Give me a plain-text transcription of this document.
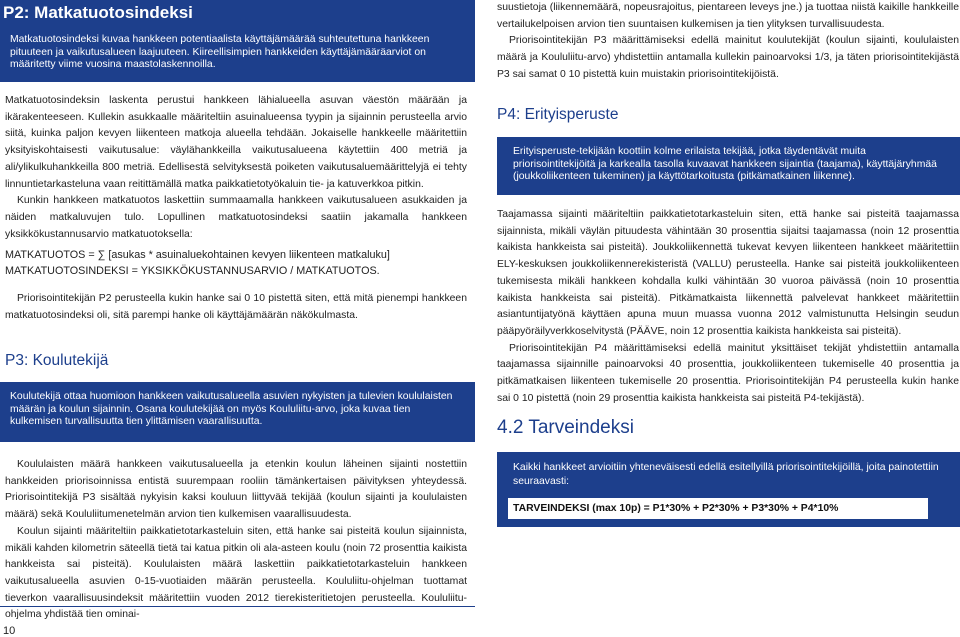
P2: Matkatuotosindeksi

Matkatuotosindeksi kuvaa hankkeen potentiaalista käyttäjämäärää suhteutettuna hankkeen pituuteen ja vaikutusalueen laajuuteen. Kiireellisimpien hankkeiden käyttäjämääräarviot on määritetty viime vuosina maastolaskennoilla.

Matkatuotosindeksin laskenta perustui hankkeen lähialueella asuvan väestön määrään ja ikärakenteeseen. Kullekin asukkaalle määriteltiin asuinalueensa tyypin ja sijainnin perusteella arvio siitä, kuinka paljon kevyen liikenteen matkoja alueella tehdään. Jokaiselle hankkeelle määritettiin yksityiskohtaisesti vaikutusalue: väylähankkeilla vaikutusalueena käytettiin 400 metriä ja ali/ylikulkuhankkeilla 800 metriä. Edellisestä selvityksestä poiketen vaikutusaluemäärittelyjä ei tehty linnuntietarkasteluna vaan reitittämällä matka paikkatietotyökaluin tie- ja katuverkkoa pitkin.

Kunkin hankkeen matkatuotos laskettiin summaamalla hankkeen vaikutusalueen asukkaiden ja näiden matkaluvujen tulo. Lopullinen matkatuotosindeksi saatiin jakamalla hankkeen yksikkökustannusarvio matkatuotoksella:

MATKATUOTOS = ∑ [asukas * asuinaluekohtainen kevyen liikenteen matkaluku]
MATKATUOTOSINDEKSI = YKSIKKÖKUSTANNUSARVIO / MATKATUOTOS.

Priorisointitekijän P2 perusteella kukin hanke sai 0 10 pistettä siten, että mitä pienempi hankkeen matkatuotosindeksi oli, sitä parempi hanke oli käyttäjämäärän näkökulmasta.

P3: Koulutekijä

Koulutekijä ottaa huomioon hankkeen vaikutusalueella asuvien nykyisten ja tulevien koululaisten määrän ja koulun sijainnin. Osana koulutekijää on myös Koululiitu-arvo, joka kuvaa tien kulkemisen turvallisuutta tien ylittämisen vaaraIlisuutta.

Koululaisten määrä hankkeen vaikutusalueella ja etenkin koulun läheinen sijainti nostettiin hankkeiden priorisoinnissa entistä suurempaan rooliin tämänkertaisen päivityksen yhteydessä. Priorisointitekijä P3 sisältää nykyisin kaksi kouluun liittyvää tekijää (koulun sijainti ja koululaisten määrä) sekä Koululiitumenetelmän arvion tien kulkemisen vaarallisuudesta.

Koulun sijainti määriteltiin paikkatietotarkasteluin siten, että hanke sai pisteitä koulun sijainnista, mikäli kahden kilometrin säteellä tietä tai katua pitkin oli ala-asteen koulu (noin 72 prosenttia kaikista hankkeista sai pisteitä). Koululaisten määrä laskettiin paikkatietotarkasteluin hankkeen vaikutusalueella asuvien 0-15-vuotiaiden määrän perusteella. Koululiitu-ohjelman tuottamat tieverkon vaarallisuusindeksit määritettiin vuoden 2012 tierekisteritietojen perusteella. Koululiitu-ohjelma yhdistää tien ominai-

10

suustietoja (liikennemäärä, nopeusrajoitus, pientareen leveys jne.) ja tuottaa niistä kaikille hankkeille vertailukelpoisen arvion tien suuntaisen kulkemisen ja tien ylityksen turvallisuudesta.

Priorisointitekijän P3 määrittämiseksi edellä mainitut koulutekijät (koulun sijainti, koululaisten määrä ja Koululiitu-arvo) yhdistettiin antamalla kullekin painoarvoksi 1/3, ja täten priorisointitekijästä P3 sai samat 0 10 pistettä kuin muistakin priorisointitekijöistä.

P4: Erityisperuste

Erityisperuste-tekijään koottiin kolme erilaista tekijää, jotka täydentävät muita priorisointitekijöitä ja karkealla tasolla kuvaavat hankkeen sijaintia (taajama), käyttäjäryhmää (joukkoliikenteen tukeminen) ja käyttötarkoitusta (pitkämatkainen liikenne).

Taajamassa sijainti määriteltiin paikkatietotarkasteluin siten, että hanke sai pisteitä taajamassa sijainnista, mikäli väylän pituudesta vähintään 30 prosenttia sijaitsi taajamassa (noin 12 prosenttia kaikista hankkeista sai pisteitä). Joukkoliikennettä tukevat kevyen liikenteen hankkeet määritettiin ELY-keskuksen joukkoliikennerekisteristä (VALLU) perusteella. Hanke sai pisteitä joukkoliikenteen tukemisesta mikäli hankkeen kohdalla kulki vähintään 30 vuoroa päivässä (noin 10 prosenttia kaikista hankkeista sai pisteitä). Pitkämatkaista liikennettä palvelevat hankkeet määritettiin asiantuntijatyönä käyttäen apuna muun muassa vuonna 2012 valmistunutta Helsingin seudun pääpyöräilyverkkoselvitystä (PÄÄVE, noin 12 prosenttia kaikista hankkeista sai pisteitä).

Priorisointitekijän P4 määrittämiseksi edellä mainitut yksittäiset tekijät yhdistettiin antamalla taajamassa sijainnille painoarvoksi 40 prosenttia, joukkoliikenteen tukemiselle 40 prosenttia ja pitkämatkaisen liikenteen tukemiselle 20 prosenttia. Priorisointitekijän P4 perusteella kukin hanke sai 0 10 pistettä (noin 29 prosenttia kaikista hankkeista sai pisteitä P4-tekijästä).

4.2 Tarveindeksi

Kaikki hankkeet arvioitiin yhteneväisesti edellä esitellyillä priorisointitekijöillä, joita painotettiin seuraavasti:

TARVEINDEKSI (max 10p) = P1*30% + P2*30% + P3*30% + P4*10%
